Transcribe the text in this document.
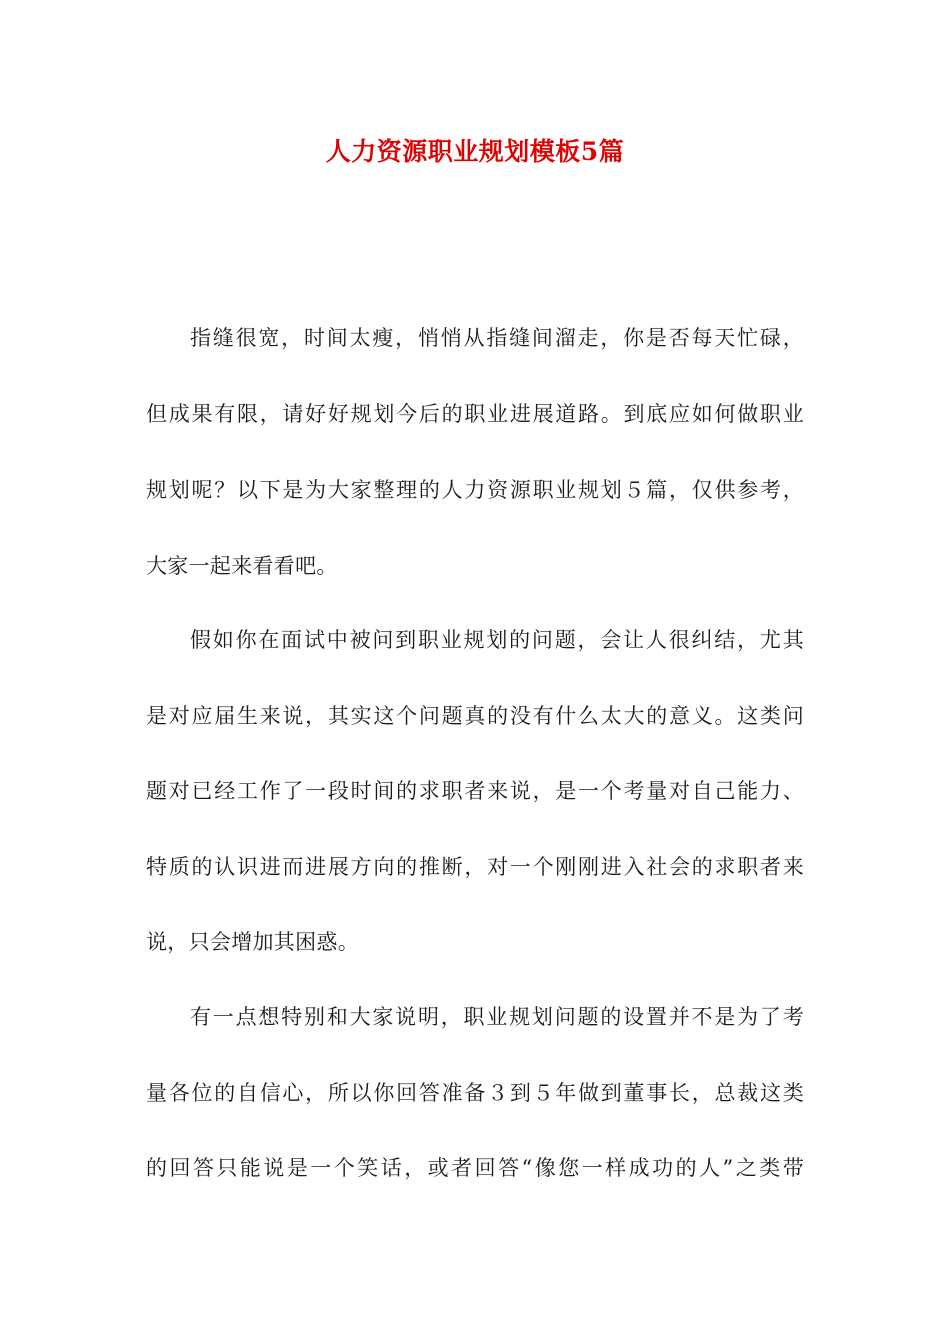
人力资源职业规划模板5篇
指缝很宽，时间太瘦，悄悄从指缝间溜走，你是否每天忙碌，
但成果有限，请好好规划今后的职业进展道路。到底应如何做职业
规划呢？以下是为大家整理的人力资源职业规划５篇，仅供参考，
大家一起来看看吧。
假如你在面试中被问到职业规划的问题，会让人很纠结，尤其
是对应届生来说，其实这个问题真的没有什么太大的意义。这类问
题对已经工作了一段时间的求职者来说，是一个考量对自己能力、
特质的认识进而进展方向的推断，对一个刚刚进入社会的求职者来
说，只会增加其困惑。
有一点想特别和大家说明，职业规划问题的设置并不是为了考
量各位的自信心，所以你回答准备３到５年做到董事长，总裁这类
的回答只能说是一个笑话，或者回答“像您一样成功的人”之类带
